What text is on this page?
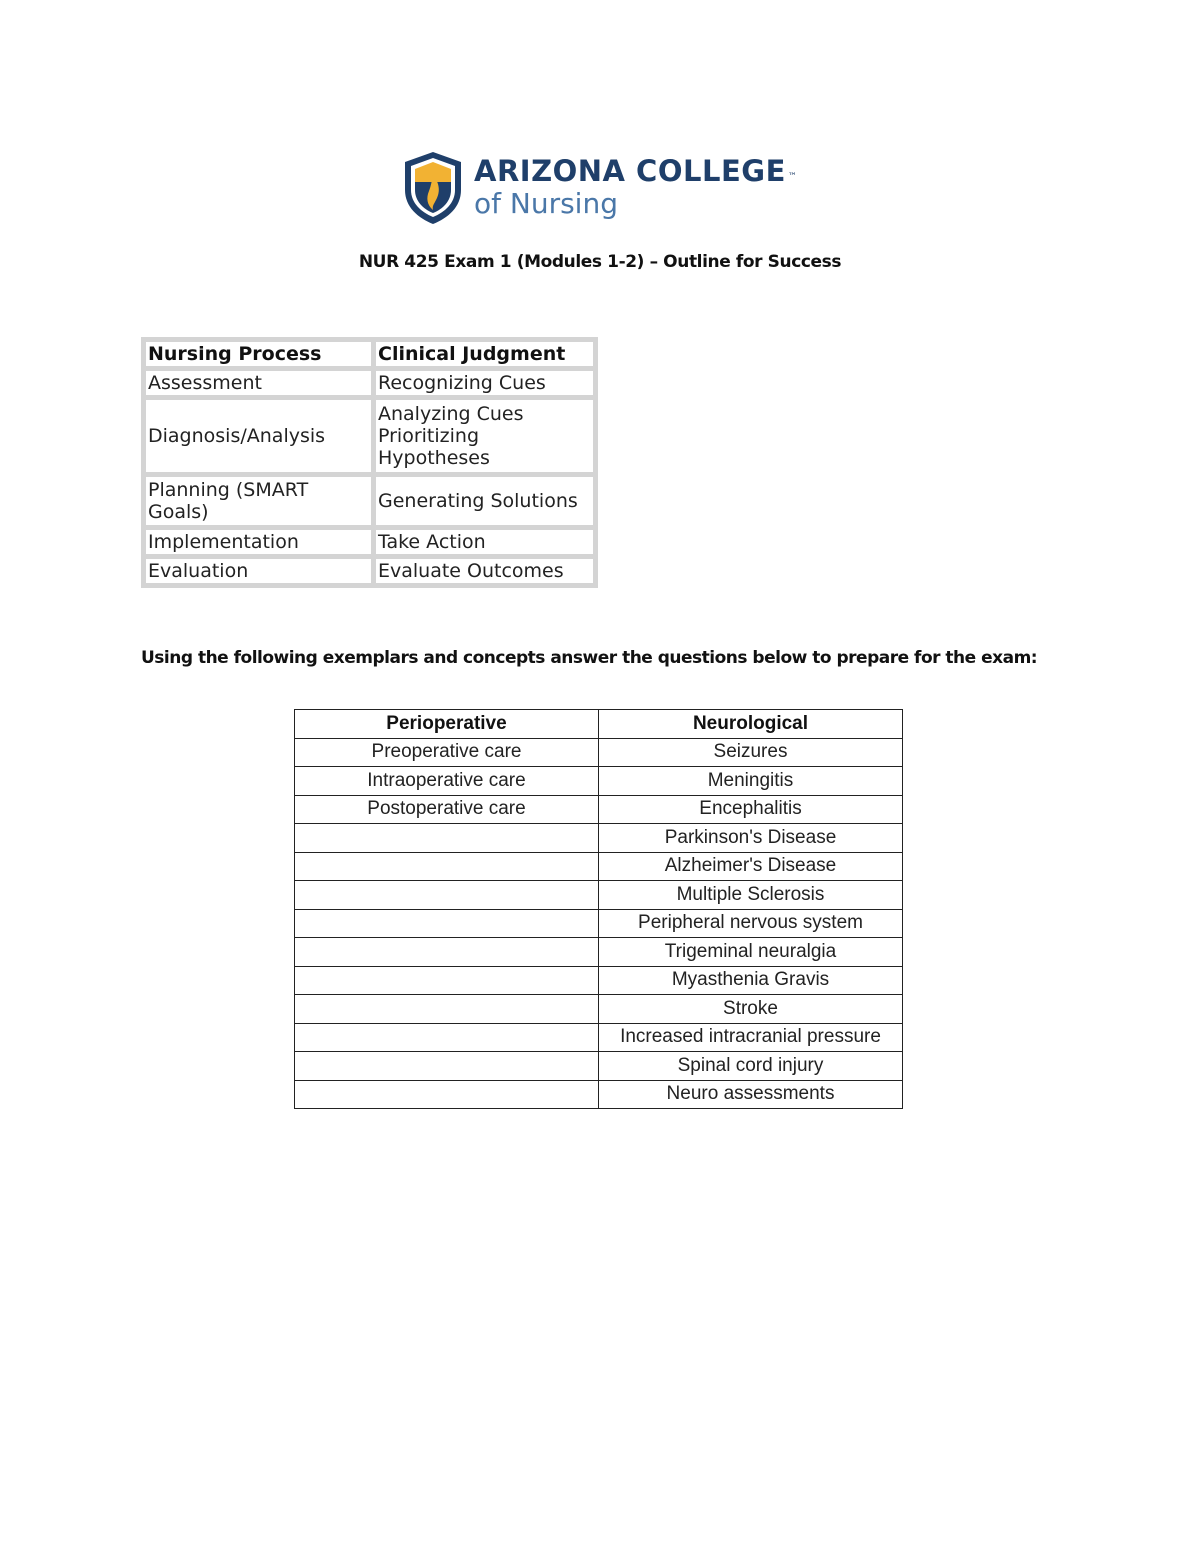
ARIZONA COLLEGE ™
of Nursing
NUR 425 Exam 1 (Modules 1-2) – Outline for Success
Nursing Process	Clinical Judgment
Assessment	Recognizing Cues
Diagnosis/Analysis	Analyzing Cues
Prioritizing
Hypotheses
Planning (SMART
Goals)	Generating Solutions
Implementation	Take Action
Evaluation	Evaluate Outcomes
Using the following exemplars and concepts answer the questions below to prepare for the exam:
Perioperative	Neurological
Preoperative care	Seizures
Intraoperative care	Meningitis
Postoperative care	Encephalitis
	Parkinson's Disease
	Alzheimer's Disease
	Multiple Sclerosis
	Peripheral nervous system
	Trigeminal neuralgia
	Myasthenia Gravis
	Stroke
	Increased intracranial pressure
	Spinal cord injury
	Neuro assessments
